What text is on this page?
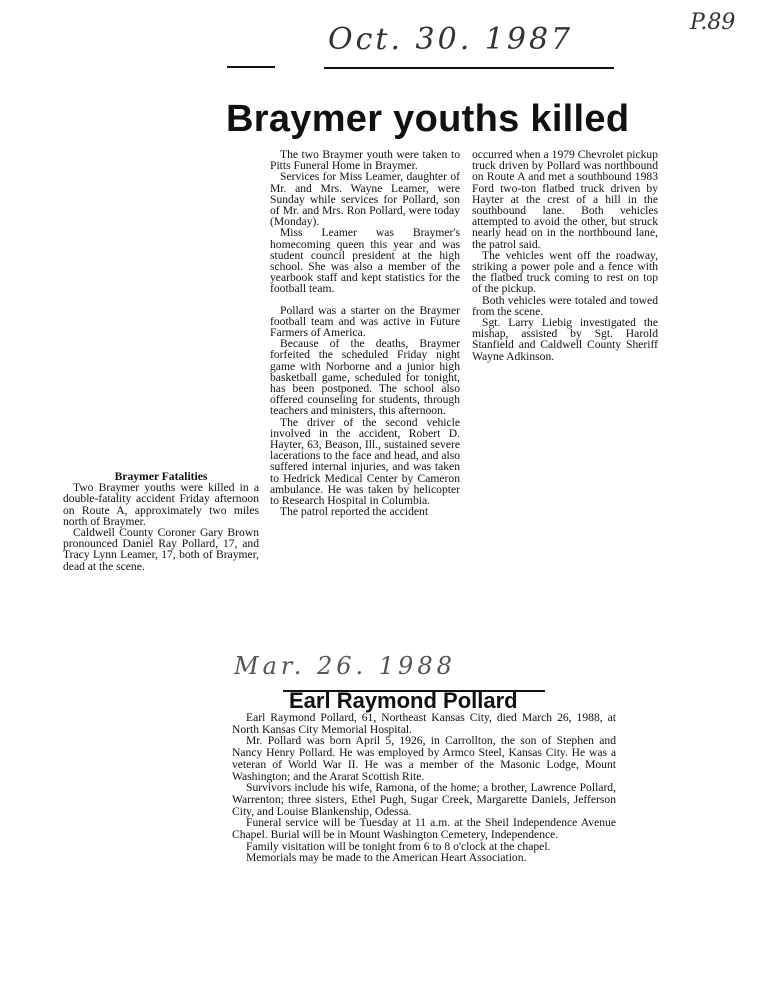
Oct. 30. 1987	P.89
Braymer youths killed

Braymer Fatalities

Two Braymer youths were killed in a double-fatality accident Friday afternoon on Route A, approximately two miles north of Braymer.

Caldwell County Coroner Gary Brown pronounced Daniel Ray Pollard, 17, and Tracy Lynn Leamer, 17, both of Braymer, dead at the scene.

The two Braymer youth were taken to Pitts Funeral Home in Braymer.

Services for Miss Leamer, daughter of Mr. and Mrs. Wayne Leamer, were Sunday while services for Pollard, son of Mr. and Mrs. Ron Pollard, were today (Monday).

Miss Leamer was Braymer's homecoming queen this year and was student council president at the high school. She was also a member of the yearbook staff and kept statistics for the football team.

Pollard was a starter on the Braymer football team and was active in Future Farmers of America.

Because of the deaths, Braymer forfeited the scheduled Friday night game with Norborne and a junior high basketball game, scheduled for tonight, has been postponed. The school also offered counseling for students, through teachers and ministers, this afternoon.

The driver of the second vehicle involved in the accident, Robert D. Hayter, 63, Beason, Ill., sustained severe lacerations to the face and head, and also suffered internal injuries, and was taken to Hedrick Medical Center by Cameron ambulance. He was taken by helicopter to Research Hospital in Columbia.

The patrol reported the accident

occurred when a 1979 Chevrolet pickup truck driven by Pollard was northbound on Route A and met a southbound 1983 Ford two-ton flatbed truck driven by Hayter at the crest of a hill in the southbound lane. Both vehicles attempted to avoid the other, but struck nearly head on in the northbound lane, the patrol said.

The vehicles went off the roadway, striking a power pole and a fence with the flatbed truck coming to rest on top of the pickup.

Both vehicles were totaled and towed from the scene.

Sgt. Larry Liebig investigated the mishap, assisted by Sgt. Harold Stanfield and Caldwell County Sheriff Wayne Adkinson.

Mar. 26. 1988
Earl Raymond Pollard

Earl Raymond Pollard, 61, Northeast Kansas City, died March 26, 1988, at North Kansas City Memorial Hospital.

Mr. Pollard was born April 5, 1926, in Carrollton, the son of Stephen and Nancy Henry Pollard. He was employed by Armco Steel, Kansas City. He was a veteran of World War II. He was a member of the Masonic Lodge, Mount Washington; and the Ararat Scottish Rite.

Survivors include his wife, Ramona, of the home; a brother, Lawrence Pollard, Warrenton; three sisters, Ethel Pugh, Sugar Creek, Margarette Daniels, Jefferson City, and Louise Blankenship, Odessa.

Funeral service will be Tuesday at 11 a.m. at the Sheil Independence Avenue Chapel. Burial will be in Mount Washington Cemetery, Independence.

Family visitation will be tonight from 6 to 8 o'clock at the chapel.

Memorials may be made to the American Heart Association.
